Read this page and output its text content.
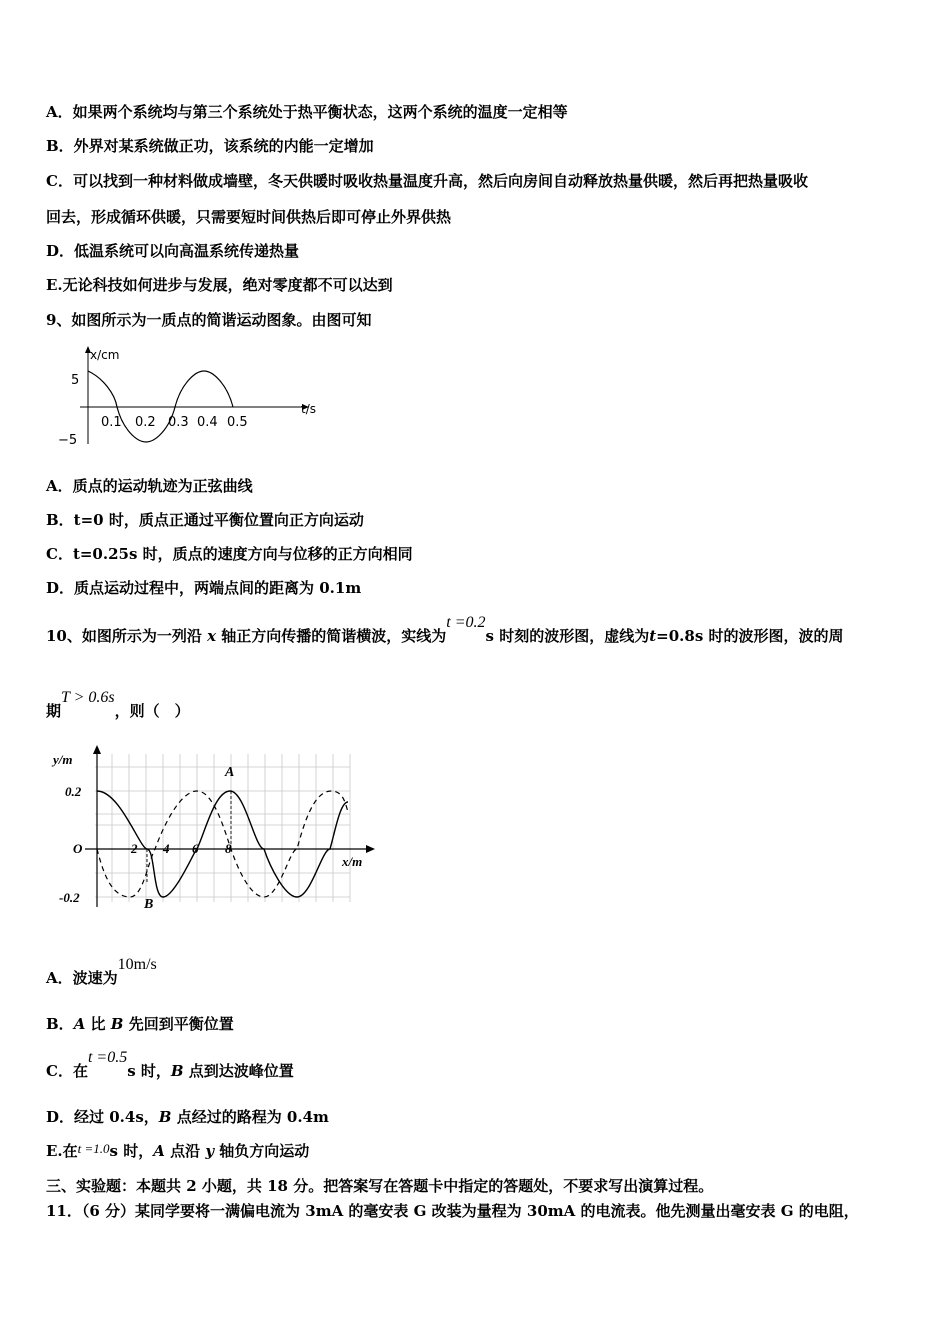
A．如果两个系统均与第三个系统处于热平衡状态，这两个系统的温度一定相等
B．外界对某系统做正功，该系统的内能一定增加
C．可以找到一种材料做成墙壁，冬天供暖时吸收热量温度升高，然后向房间自动释放热量供暖，然后再把热量吸收
回去，形成循环供暖，只需要短时间供热后即可停止外界供热
D．低温系统可以向高温系统传递热量
E.无论科技如何进步与发展，绝对零度都不可以达到
9、如图所示为一质点的简谐运动图象。由图可知
x/cm
t/s
5
−5
0.1 0.2 0.3 0.4 0.5
A．质点的运动轨迹为正弦曲线
B．t=0 时，质点正通过平衡位置向正方向运动
C．t=0.25s 时，质点的速度方向与位移的正方向相同
D．质点运动过程中，两端点间的距离为 0.1m
10、如图所示为一列沿 x 轴正方向传播的简谐横波，实线为t =0.2s 时刻的波形图，虚线为t=0.8s 时的波形图，波的周
期T > 0.6s，则（　）
y/m
x/m
0.2
O
-0.2
2 4 6 8
A
B
A．波速为10m/s
B．A 比 B 先回到平衡位置
C．在t =0.5s 时，B 点到达波峰位置
D．经过 0.4s，B 点经过的路程为 0.4m
E.在t =1.0s 时，A 点沿 y 轴负方向运动
三、实验题：本题共 2 小题，共 18 分。把答案写在答题卡中指定的答题处，不要求写出演算过程。
11．（6 分）某同学要将一满偏电流为 3mA 的毫安表 G 改装为量程为 30mA 的电流表。他先测量出毫安表 G 的电阻，
